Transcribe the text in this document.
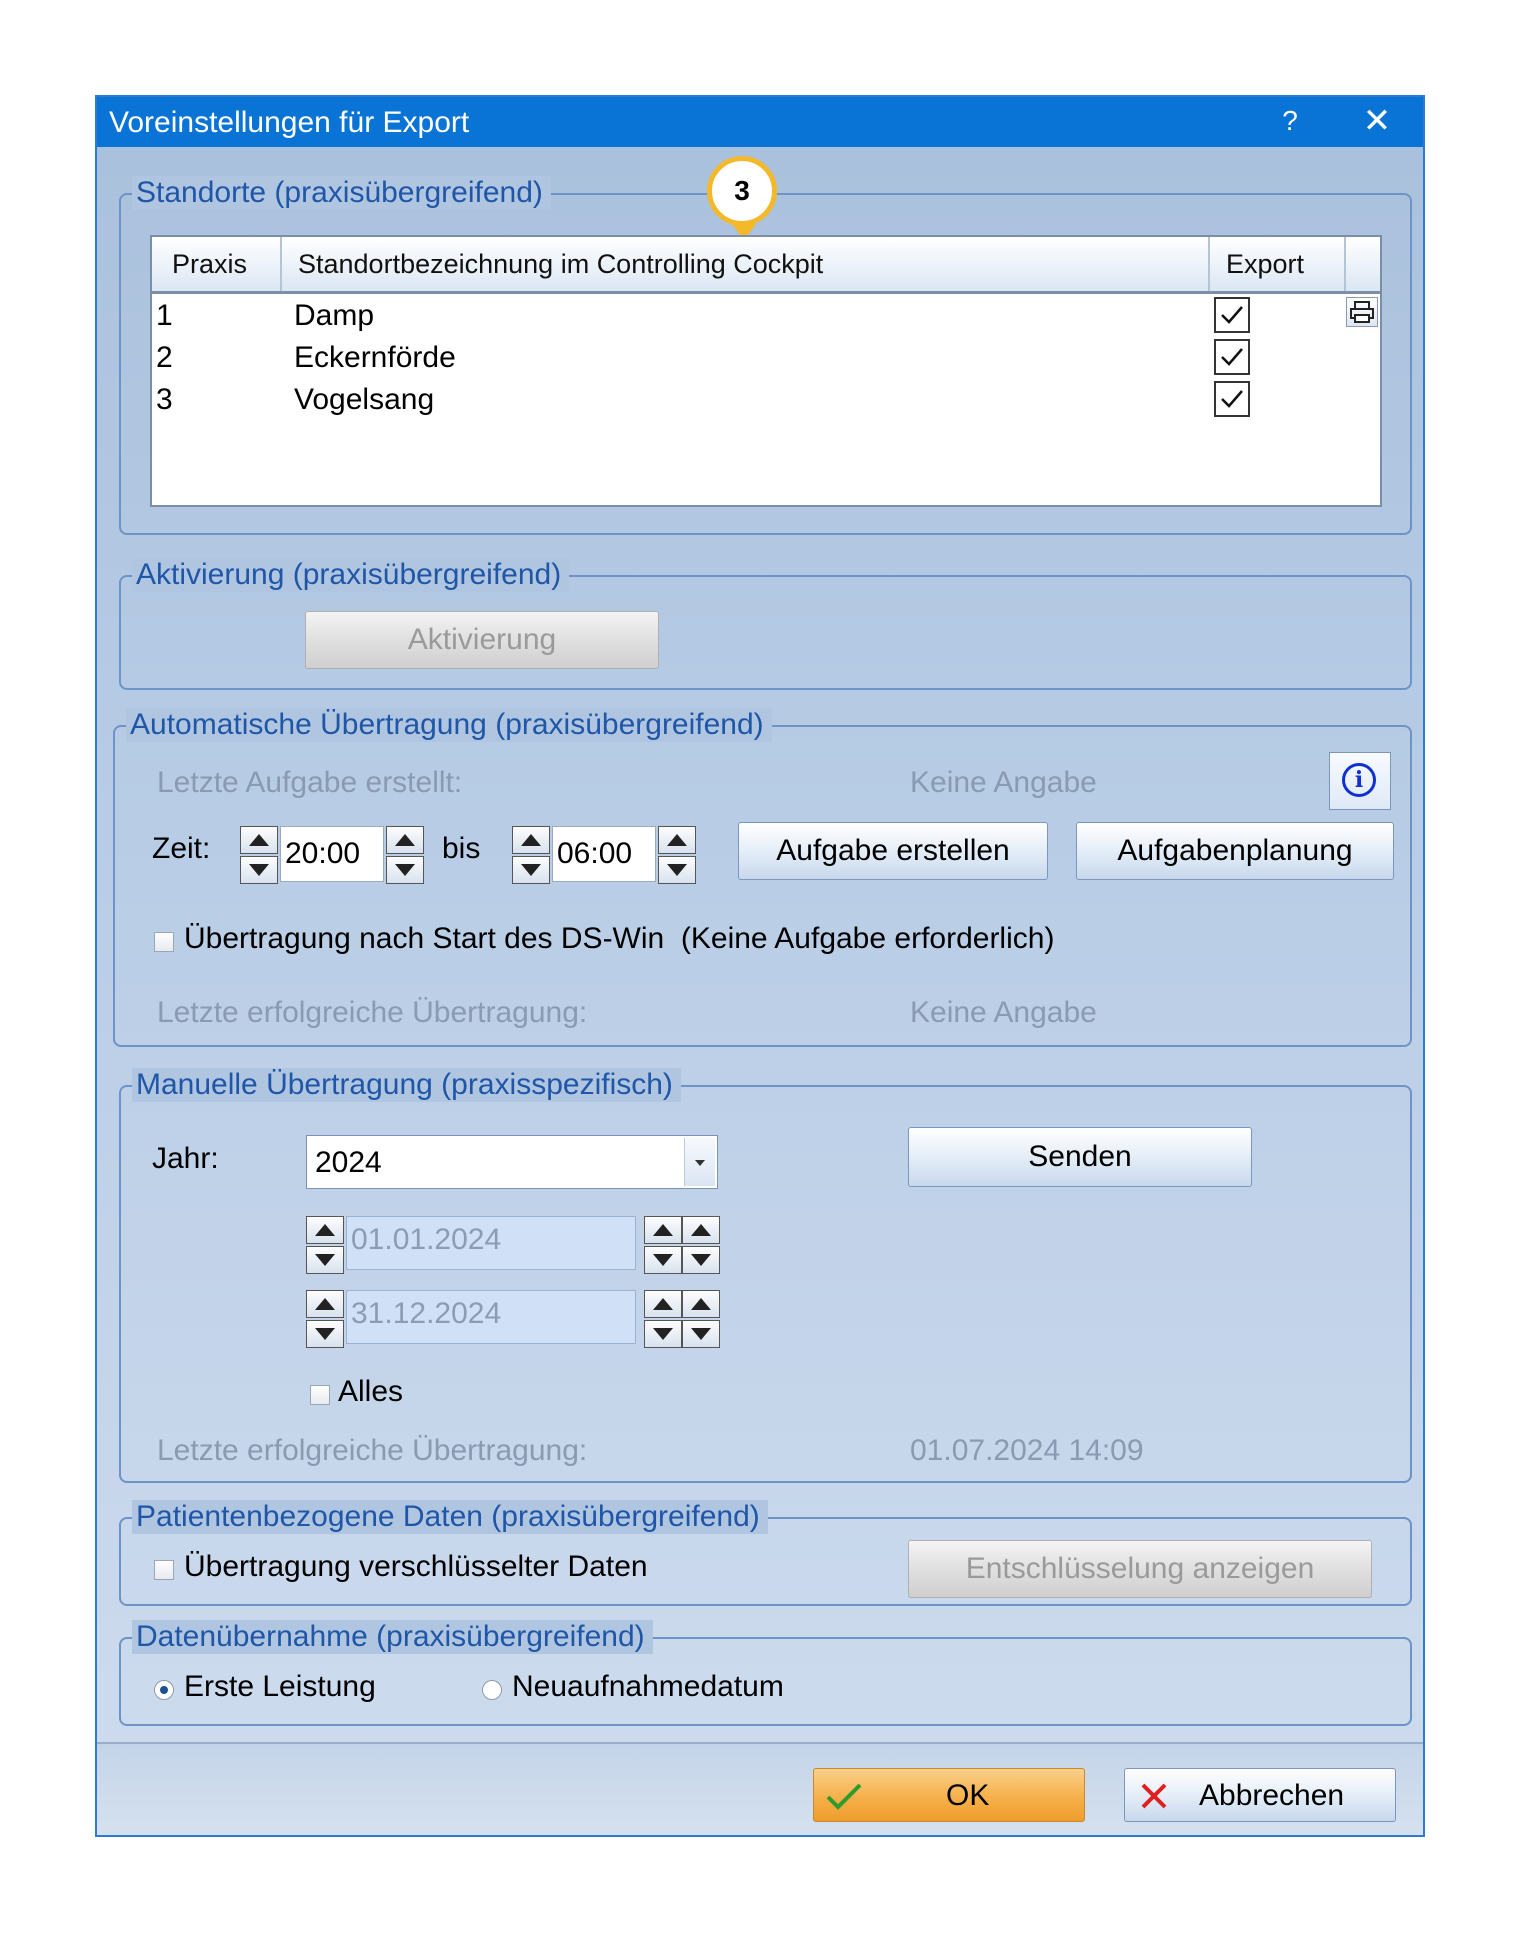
Voreinstellungen für Export	? ✕
Standorte (praxisübergreifend)	3
Praxis Standortbezeichnung im Controlling Cockpit	Export
1	Damp
2	Eckernförde
3	Vogelsang
Aktivierung (praxisübergreifend)
Aktivierung
Automatische Übertragung (praxisübergreifend)
Letzte Aufgabe erstellt:	Keine Angabe	i
Zeit: 20:00	bis	06:00	Aufgabe erstellen	Aufgabenplanung
Übertragung nach Start des DS-Win  (Keine Aufgabe erforderlich)
Letzte erfolgreiche Übertragung:	Keine Angabe
Manuelle Übertragung (praxisspezifisch)
Jahr:	2024	Senden
01.01.2024
31.12.2024
Alles
Letzte erfolgreiche Übertragung:	01.07.2024 14:09
Patientenbezogene Daten (praxisübergreifend)
Übertragung verschlüsselter Daten	Entschlüsselung anzeigen
Datenübernahme (praxisübergreifend)
Erste Leistung	Neuaufnahmedatum
OK	Abbrechen
